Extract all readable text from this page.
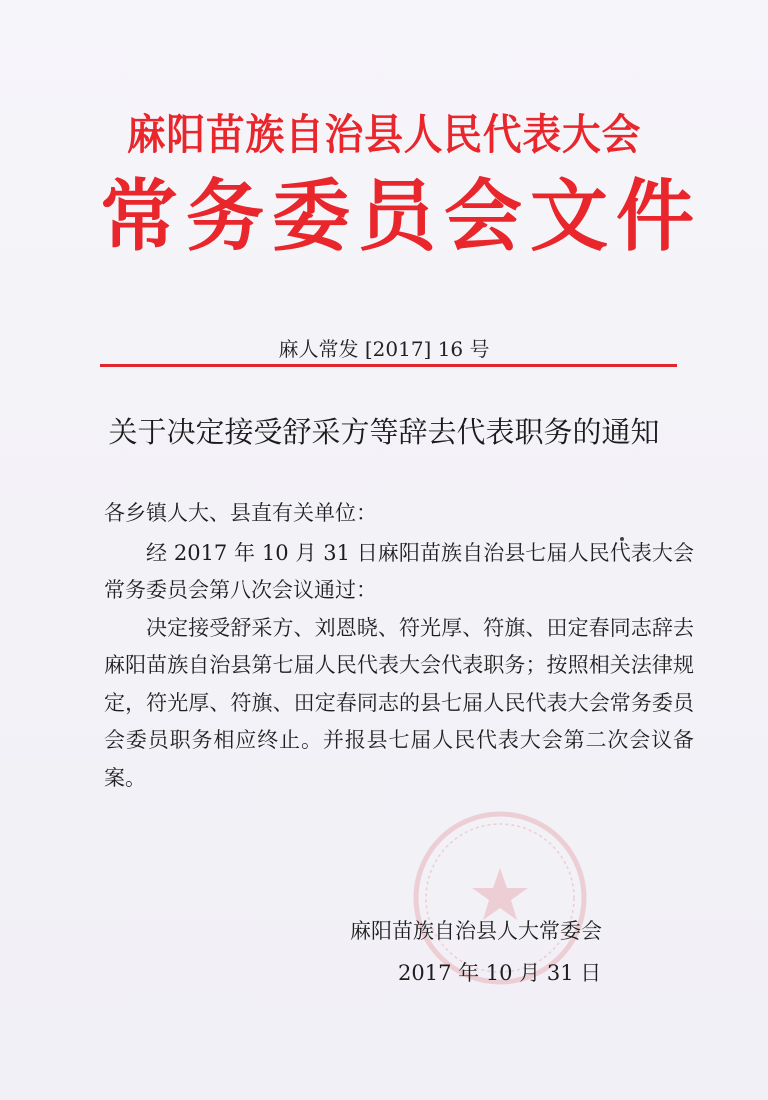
麻阳苗族自治县人民代表大会
常务委员会文件
麻人常发 [2017] 16 号
关于决定接受舒采方等辞去代表职务的通知

各乡镇人大、县直有关单位：

经 2017 年 10 月 31 日麻阳苗族自治县七届人民代表大会常务委员会第八次会议通过：

决定接受舒采方、刘恩晓、符光厚、符旗、田定春同志辞去麻阳苗族自治县第七届人民代表大会代表职务；按照相关法律规定，符光厚、符旗、田定春同志的县七届人民代表大会常务委员会委员职务相应终止。并报县七届人民代表大会第二次会议备案。

麻阳苗族自治县人大常委会
2017 年 10 月 31 日
